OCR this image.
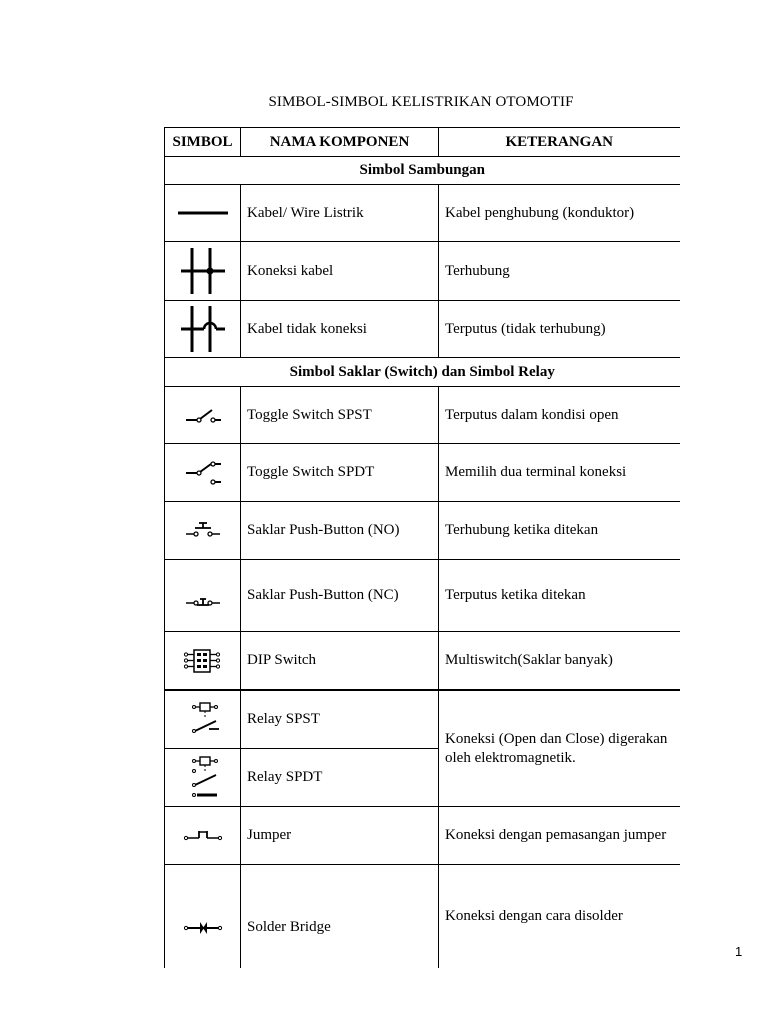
SIMBOL-SIMBOL KELISTRIKAN OTOMOTIF
SIMBOL	NAMA KOMPONEN	KETERANGAN
Simbol Sambungan		

	Kabel/ Wire Listrik	Kabel penghubung (konduktor)

	Koneksi kabel	Terhubung

	Kabel tidak koneksi	Terputus (tidak terhubung)
Simbol Saklar (Switch) dan Simbol Relay		

	Toggle Switch SPST	Terputus dalam kondisi open

	Toggle Switch SPDT	Memilih dua terminal koneksi

	Saklar Push-Button (NO)	Terhubung ketika ditekan

	Saklar Push-Button (NC)	Terputus ketika ditekan

	DIP Switch	Multiswitch(Saklar banyak)

	Relay SPST	Koneksi (Open dan Close) digerakan oleh elektromagnetik.

	Relay SPDT	

	Jumper	Koneksi dengan pemasangan jumper

	Solder Bridge	Koneksi dengan cara disolder
1
